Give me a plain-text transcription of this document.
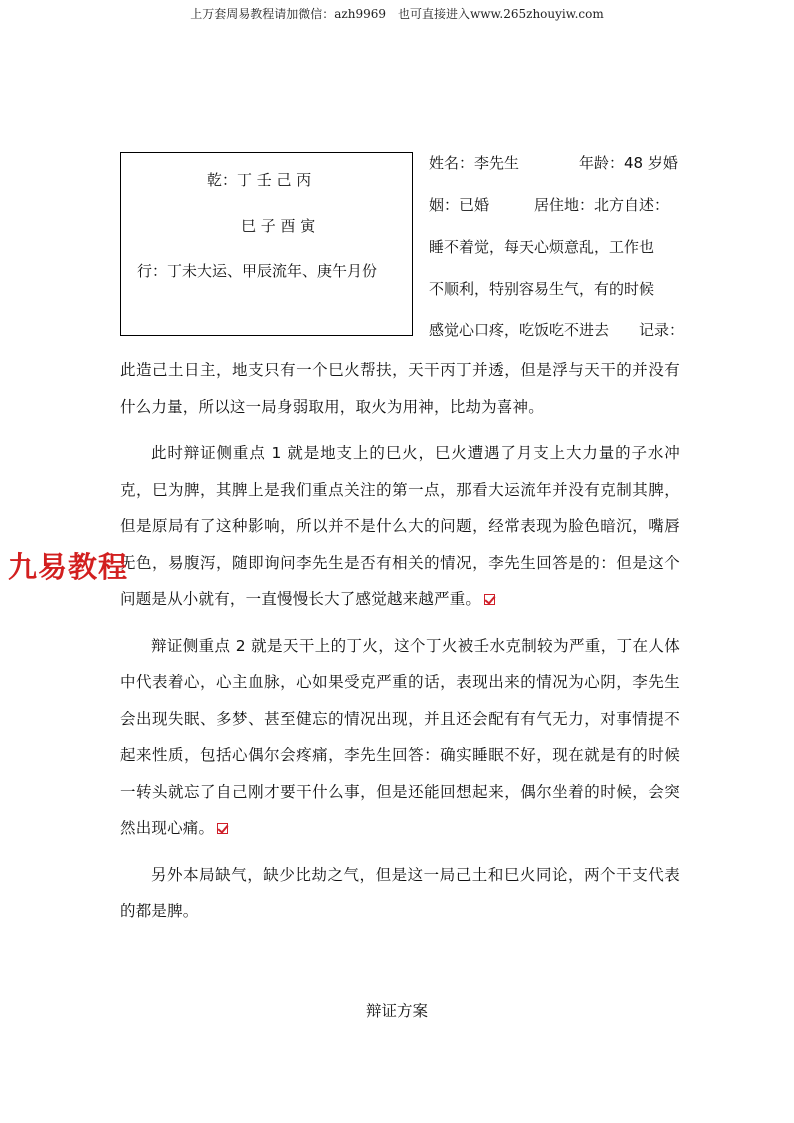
上万套周易教程请加微信：azh9969　也可直接进入www.265zhouyiw.com
乾：丁 壬 己 丙
巳 子 酉 寅
行：丁未大运、甲辰流年、庚午月份
姓名：李先生　　　　年龄：48 岁婚
姻：已婚　　　居住地：北方自述：
睡不着觉，每天心烦意乱，工作也
不顺利，特别容易生气，有的时候
感觉心口疼，吃饭吃不进去　　记录：

此造己土日主，地支只有一个巳火帮扶，天干丙丁并透，但是浮与天干的并没有什么力量，所以这一局身弱取用，取火为用神，比劫为喜神。

此时辩证侧重点 1 就是地支上的巳火，巳火遭遇了月支上大力量的子水冲克，巳为脾，其脾上是我们重点关注的第一点，那看大运流年并没有克制其脾，但是原局有了这种影响，所以并不是什么大的问题，经常表现为脸色暗沉，嘴唇无色，易腹泻，随即询问李先生是否有相关的情况，李先生回答是的：但是这个问题是从小就有，一直慢慢长大了感觉越来越严重。

辩证侧重点 2 就是天干上的丁火，这个丁火被壬水克制较为严重，丁在人体中代表着心，心主血脉，心如果受克严重的话，表现出来的情况为心阴，李先生会出现失眠、多梦、甚至健忘的情况出现，并且还会配有有气无力，对事情提不起来性质，包括心偶尔会疼痛，李先生回答：确实睡眠不好，现在就是有的时候一转头就忘了自己刚才要干什么事，但是还能回想起来，偶尔坐着的时候，会突然出现心痛。

另外本局缺气，缺少比劫之气，但是这一局己土和巳火同论，两个干支代表的都是脾。

九易教程
辩证方案
